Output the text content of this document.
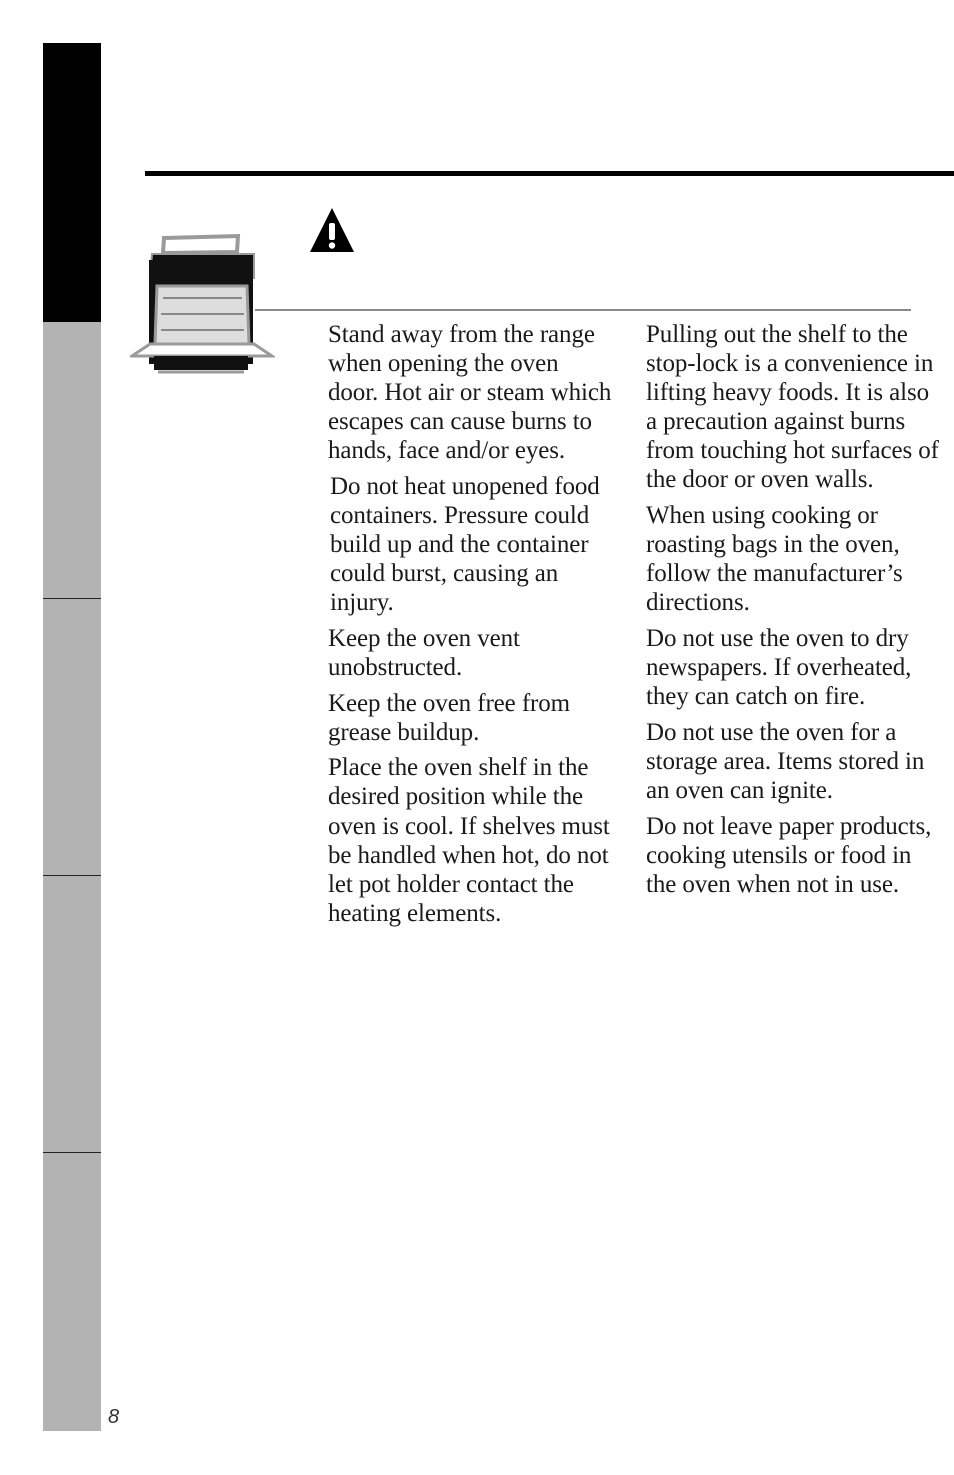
Stand away from the range when opening the oven door. Hot air or steam which escapes can cause burns to hands, face and/or eyes.

Do not heat unopened food containers. Pressure could build up and the container could burst, causing an injury.

Keep the oven vent unobstructed.

Keep the oven free from grease buildup.

Place the oven shelf in the desired position while the oven is cool. If shelves must be handled when hot, do not let pot holder contact the heating elements.

Pulling out the shelf to the stop-lock is a convenience in lifting heavy foods. It is also a precaution against burns from touching hot surfaces of the door or oven walls.

When using cooking or roasting bags in the oven, follow the manufacturer’s directions.

Do not use the oven to dry newspapers. If overheated, they can catch on fire.

Do not use the oven for a storage area. Items stored in an oven can ignite.

Do not leave paper products, cooking utensils or food in the oven when not in use.

8
